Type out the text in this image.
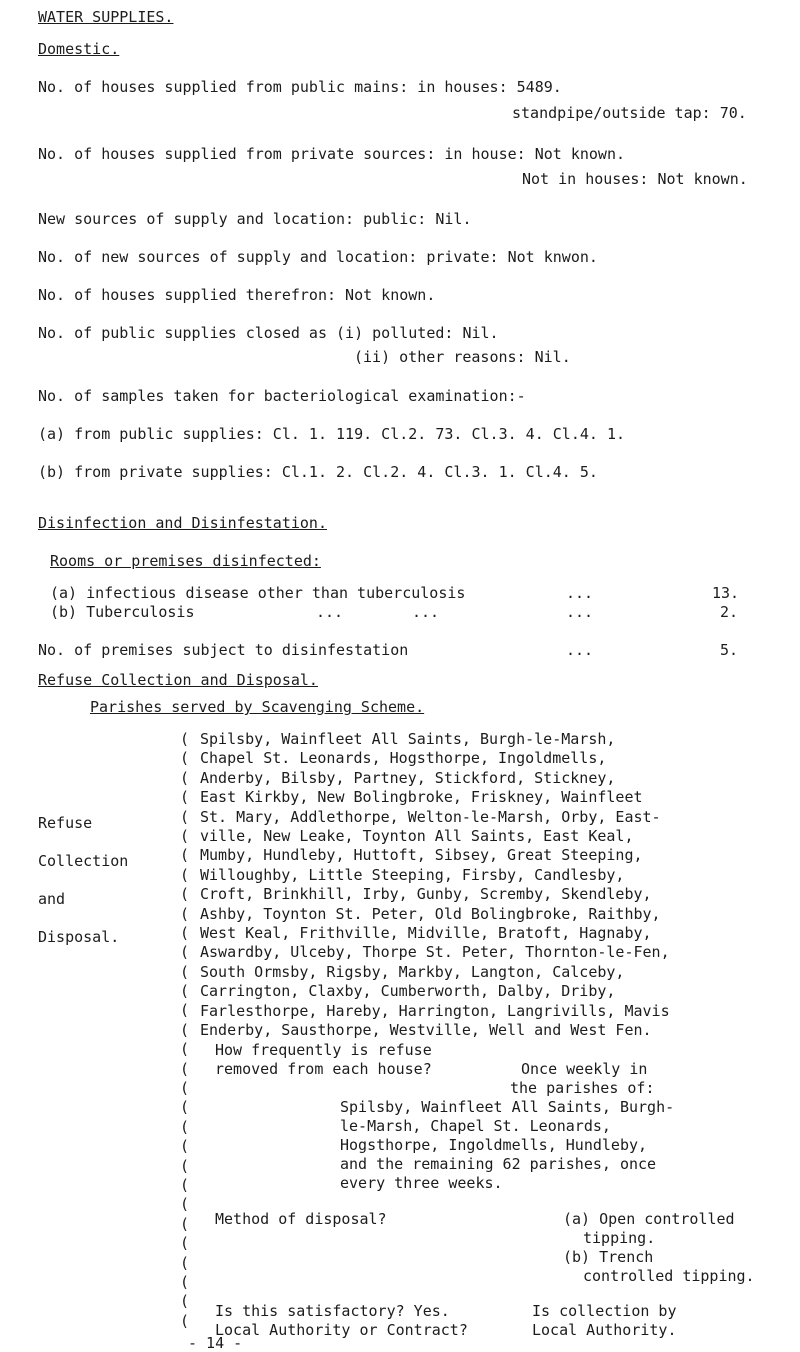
WATER SUPPLIES.
Domestic.
No. of houses supplied from public mains: in houses: 5489.
standpipe/outside tap: 70.
No. of houses supplied from private sources: in house: Not known.
Not in houses: Not known.
New sources of supply and location: public: Nil.
No. of new sources of supply and location: private: Not knwon.
No. of houses supplied therefron: Not known.
No. of public supplies closed as (i) polluted: Nil.
(ii) other reasons: Nil.
No. of samples taken for bacteriological examination:-
(a) from public supplies: Cl. 1. 119. Cl.2. 73. Cl.3. 4. Cl.4. 1.
(b) from private supplies: Cl.1. 2. Cl.2. 4. Cl.3. 1. Cl.4. 5.
Disinfection and Disinfestation.
Rooms or premises disinfected:
(a) infectious disease other than tuberculosis	...	13.
(b) Tuberculosis	...	...	...	2.
No. of premises subject to disinfestation	...	5.
Refuse Collection and Disposal.
Parishes served by Scavenging Scheme.
Refuse
Collection
and
Disposal.
(
(
(
(
(
(
(
(
(
(
(
(
(
(
(
(
(
(
(
(
(
(
(
(
(
(
(
(
(
(
(
Spilsby, Wainfleet All Saints, Burgh-le-Marsh,
Chapel St. Leonards, Hogsthorpe, Ingoldmells,
Anderby, Bilsby, Partney, Stickford, Stickney,
East Kirkby, New Bolingbroke, Friskney, Wainfleet
St. Mary, Addlethorpe, Welton-le-Marsh, Orby, East-
ville, New Leake, Toynton All Saints, East Keal,
Mumby, Hundleby, Huttoft, Sibsey, Great Steeping,
Willoughby, Little Steeping, Firsby, Candlesby,
Croft, Brinkhill, Irby, Gunby, Scremby, Skendleby,
Ashby, Toynton St. Peter, Old Bolingbroke, Raithby,
West Keal, Frithville, Midville, Bratoft, Hagnaby,
Aswardby, Ulceby, Thorpe St. Peter, Thornton-le-Fen,
South Ormsby, Rigsby, Markby, Langton, Calceby,
Carrington, Claxby, Cumberworth, Dalby, Driby,
Farlesthorpe, Hareby, Harrington, Langrivills, Mavis
Enderby, Sausthorpe, Westville, Well and West Fen.
How frequently is refuse
removed from each house?	Once weekly in
the parishes of:
Spilsby, Wainfleet All Saints, Burgh-
le-Marsh, Chapel St. Leonards,
Hogsthorpe, Ingoldmells, Hundleby,
and the remaining 62 parishes, once
every three weeks.
Method of disposal?	(a) Open controlled
tipping.
(b) Trench
controlled tipping.
Is this satisfactory? Yes.	Is collection by
Local Authority or Contract?	Local Authority.
- 14 -
